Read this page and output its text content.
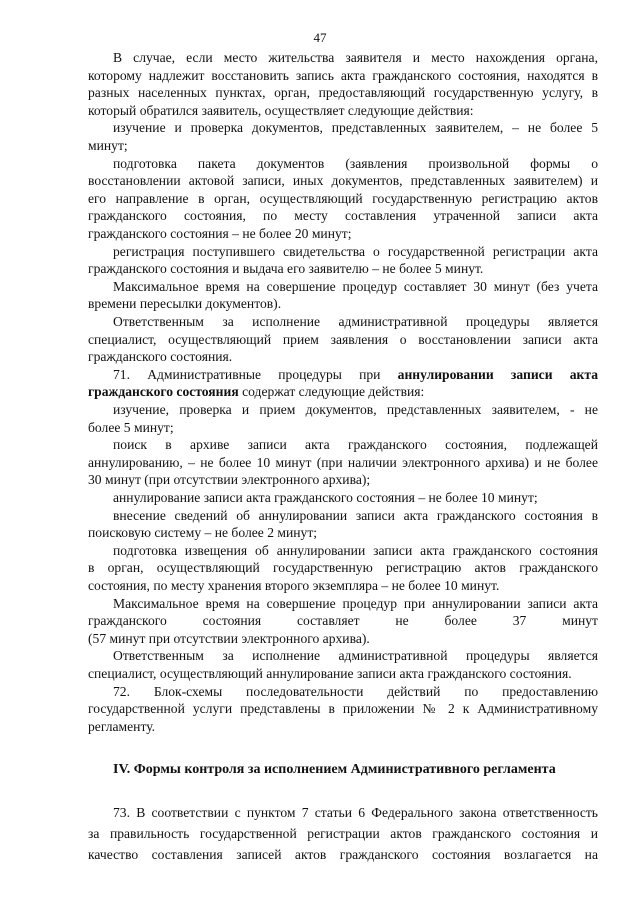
47
В случае, если место жительства заявителя и место нахождения органа,
которому надлежит восстановить запись акта гражданского состояния, находятся в
разных населенных пунктах, орган, предоставляющий государственную услугу, в
который обратился заявитель, осуществляет следующие действия:
изучение и проверка документов, представленных заявителем, – не более 5
минут;
подготовка пакета документов (заявления произвольной формы о
восстановлении актовой записи, иных документов, представленных заявителем) и
его направление в орган, осуществляющий государственную регистрацию актов
гражданского состояния, по месту составления утраченной записи акта
гражданского состояния – не более 20 минут;
регистрация поступившего свидетельства о государственной регистрации акта
гражданского состояния и выдача его заявителю – не более 5 минут.
Максимальное время на совершение процедур составляет 30 минут (без учета
времени пересылки документов).
Ответственным за исполнение административной процедуры является
специалист, осуществляющий прием заявления о восстановлении записи акта
гражданского состояния.
71. Административные процедуры при аннулировании записи акта
гражданского состояния содержат следующие действия:
изучение, проверка и прием документов, представленных заявителем, - не
более 5 минут;
поиск в архиве записи акта гражданского состояния, подлежащей
аннулированию, – не более 10 минут (при наличии электронного архива) и не более
30 минут (при отсутствии электронного архива);
аннулирование записи акта гражданского состояния – не более 10 минут;
внесение сведений об аннулировании записи акта гражданского состояния в
поисковую систему – не более 2 минут;
подготовка извещения об аннулировании записи акта гражданского состояния
в орган, осуществляющий государственную регистрацию актов гражданского
состояния, по месту хранения второго экземпляра – не более 10 минут.
Максимальное время на совершение процедур при аннулировании записи акта
гражданского состояния составляет не более 37 минут
(57 минут при отсутствии электронного архива).
Ответственным за исполнение административной процедуры является
специалист, осуществляющий аннулирование записи акта гражданского состояния.
72. Блок-схемы последовательности действий по предоставлению
государственной услуги представлены в приложении № 2 к Административному
регламенту.
IV. Формы контроля за исполнением Административного регламента
73. В соответствии с пунктом 7 статьи 6 Федерального закона ответственность
за правильность государственной регистрации актов гражданского состояния и
качество составления записей актов гражданского состояния возлагается на
